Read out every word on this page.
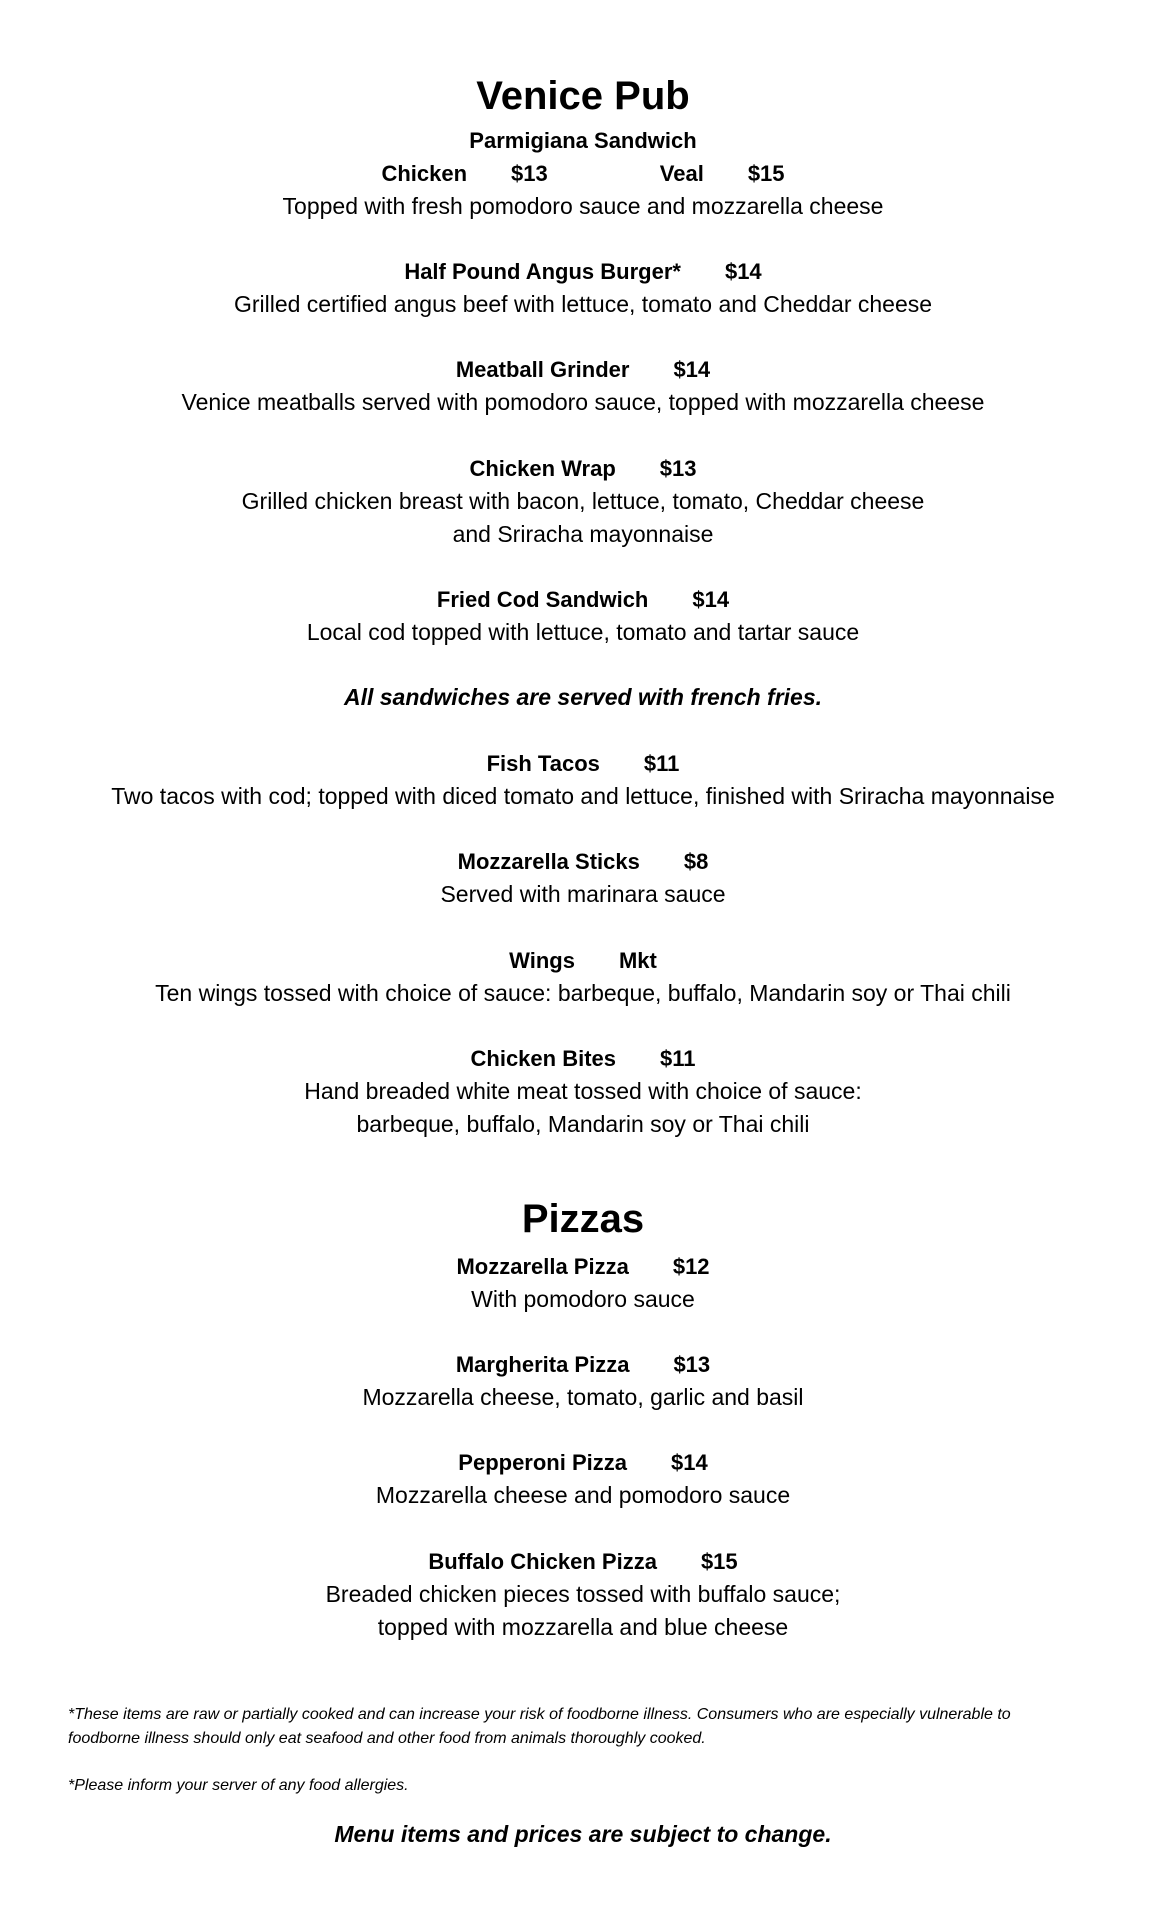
Venice Pub
Parmigiana Sandwich
Chicken $13	Veal $15
Topped with fresh pomodoro sauce and mozzarella cheese
Half Pound Angus Burger* $14
Grilled certified angus beef with lettuce, tomato and Cheddar cheese
Meatball Grinder $14
Venice meatballs served with pomodoro sauce, topped with mozzarella cheese
Chicken Wrap $13
Grilled chicken breast with bacon, lettuce, tomato, Cheddar cheese
and Sriracha mayonnaise
Fried Cod Sandwich $14
Local cod topped with lettuce, tomato and tartar sauce
All sandwiches are served with french fries.
Fish Tacos $11
Two tacos with cod; topped with diced tomato and lettuce, finished with Sriracha mayonnaise
Mozzarella Sticks $8
Served with marinara sauce
Wings Mkt
Ten wings tossed with choice of sauce: barbeque, buffalo, Mandarin soy or Thai chili
Chicken Bites $11
Hand breaded white meat tossed with choice of sauce:
barbeque, buffalo, Mandarin soy or Thai chili
Pizzas
Mozzarella Pizza $12
With pomodoro sauce
Margherita Pizza $13
Mozzarella cheese, tomato, garlic and basil
Pepperoni Pizza $14
Mozzarella cheese and pomodoro sauce
Buffalo Chicken Pizza $15
Breaded chicken pieces tossed with buffalo sauce;
topped with mozzarella and blue cheese
*These items are raw or partially cooked and can increase your risk of foodborne illness. Consumers who are especially vulnerable to
foodborne illness should only eat seafood and other food from animals thoroughly cooked.
*Please inform your server of any food allergies.
Menu items and prices are subject to change.
